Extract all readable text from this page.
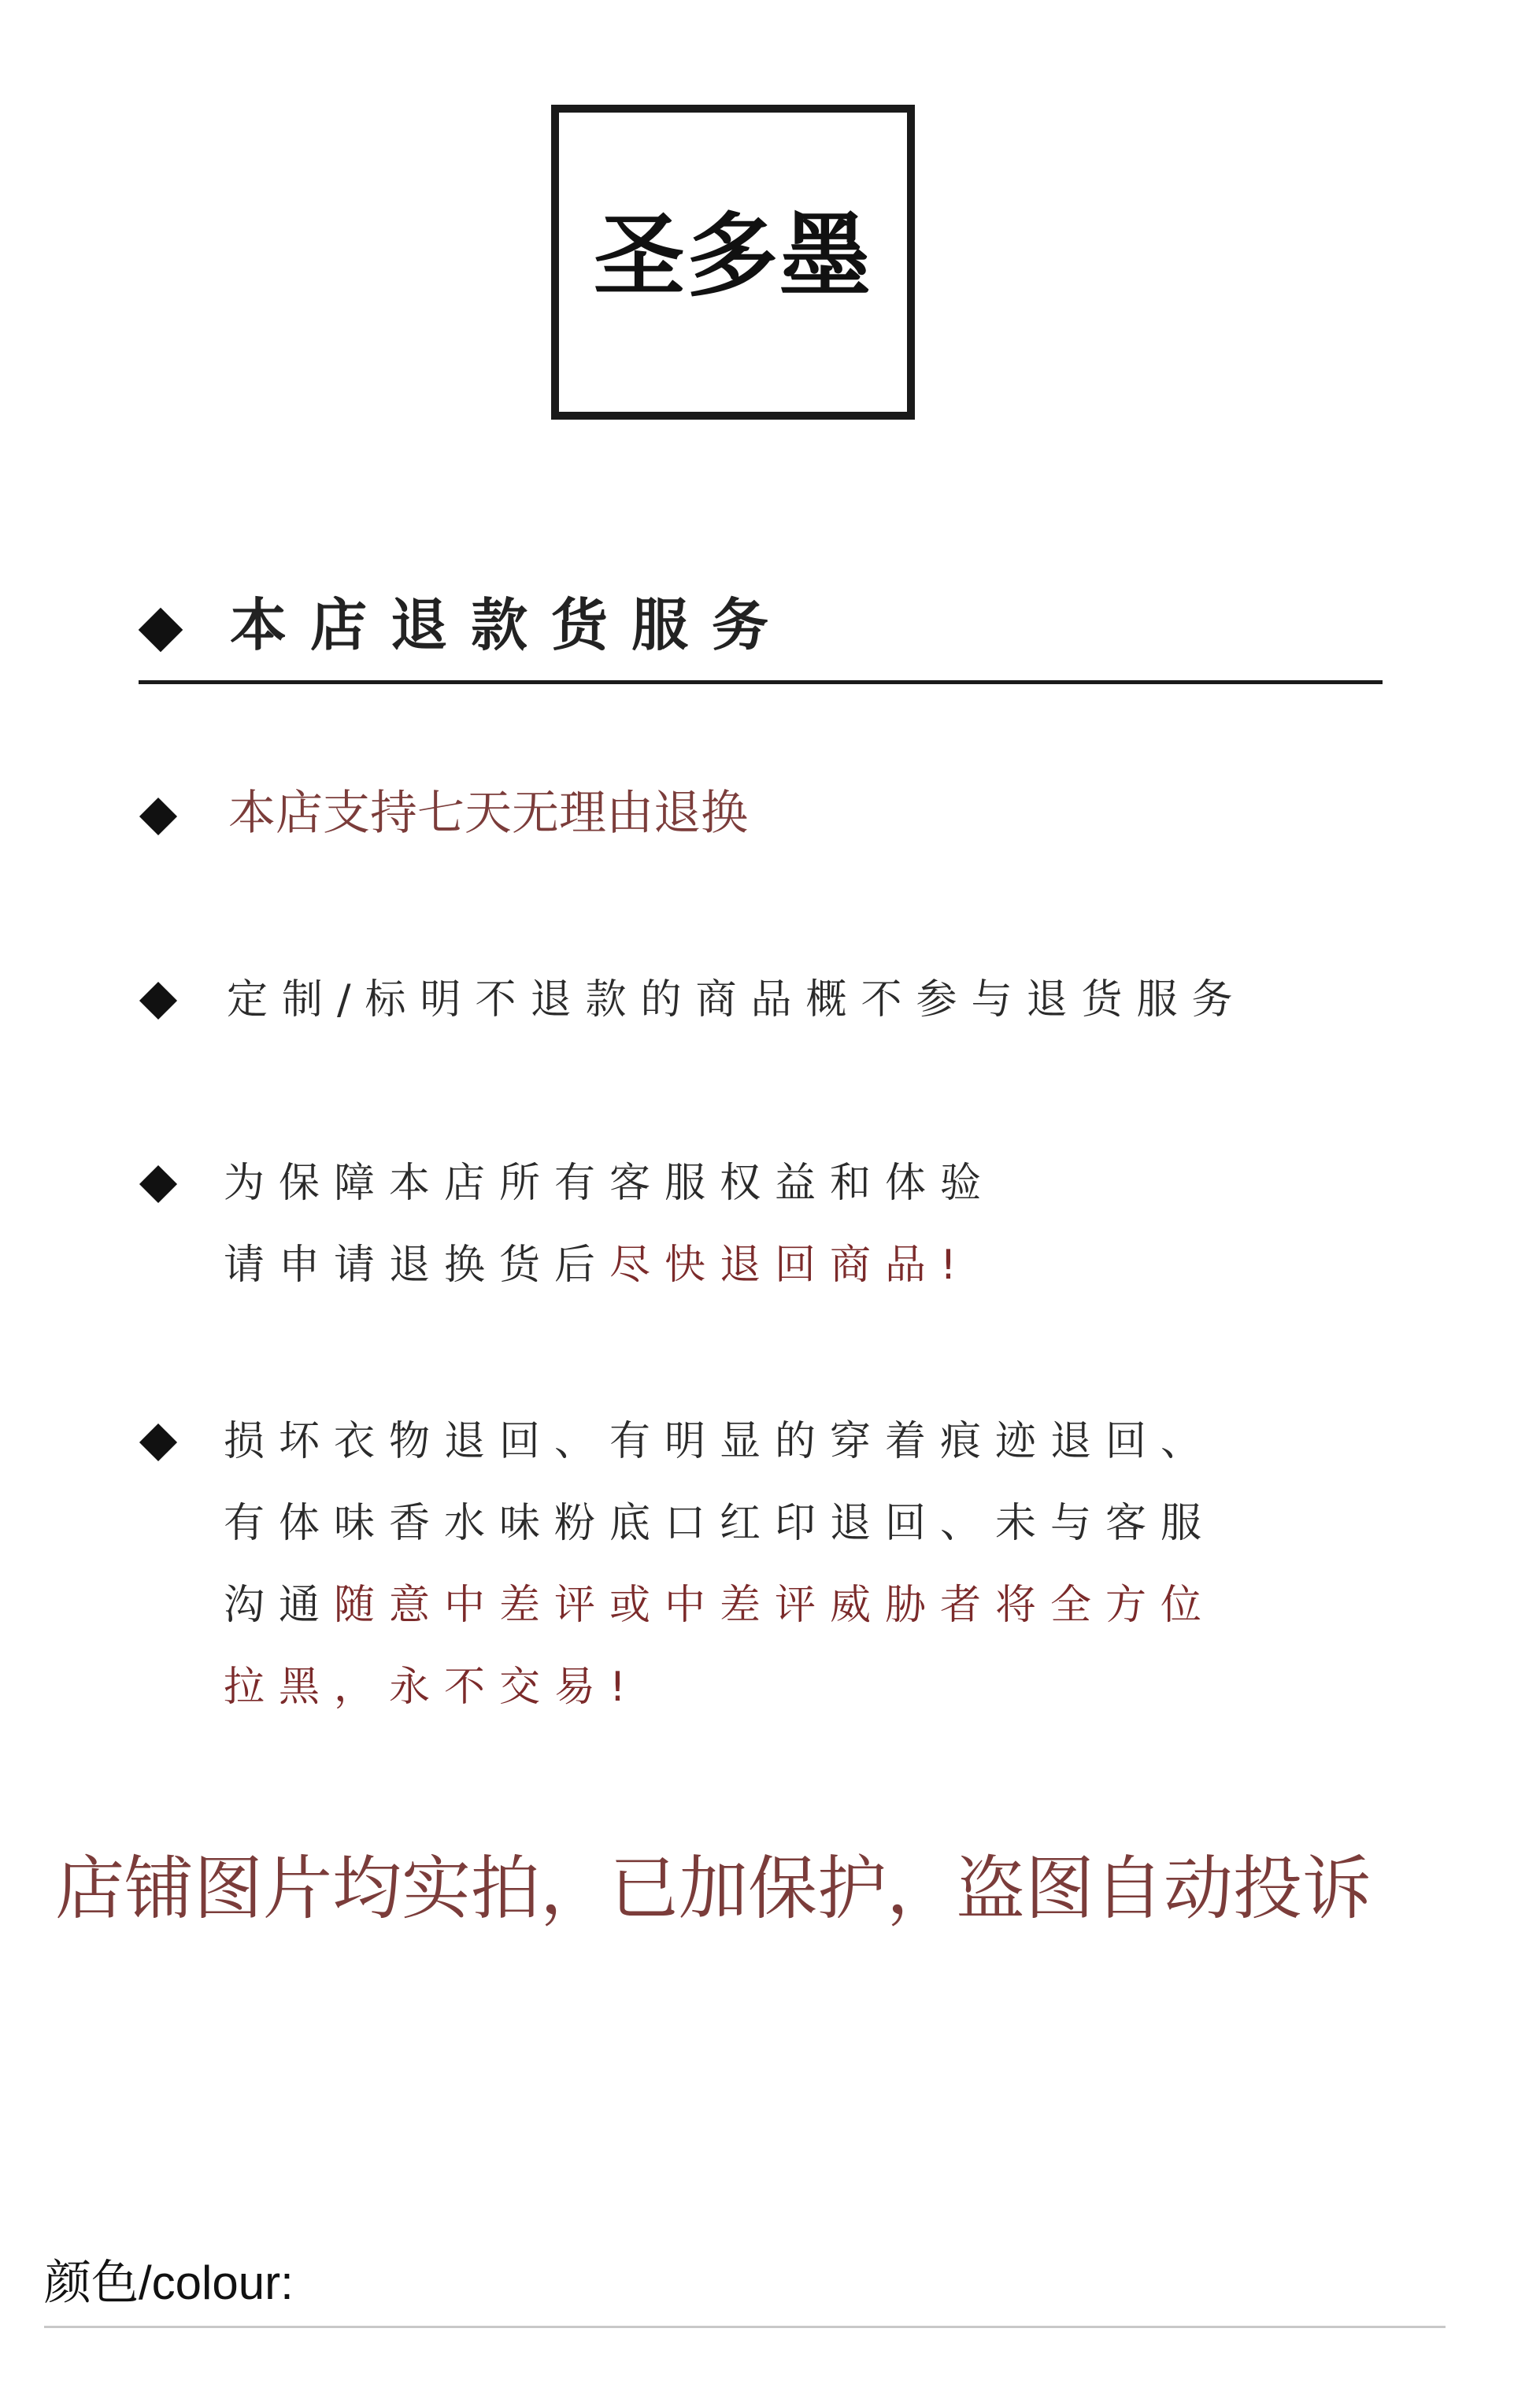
圣多墨
本店退款货服务
本店支持七天无理由退换
定制/标明不退款的商品概不参与退货服务
为保障本店所有客服权益和体验
请申请退换货后尽快退回商品!
损坏衣物退回、有明显的穿着痕迹退回、
有体味香水味粉底口红印退回、未与客服
沟通随意中差评或中差评威胁者将全方位
拉黑，永不交易!
店铺图片均实拍，已加保护，盗图自动投诉
颜色/colour:
